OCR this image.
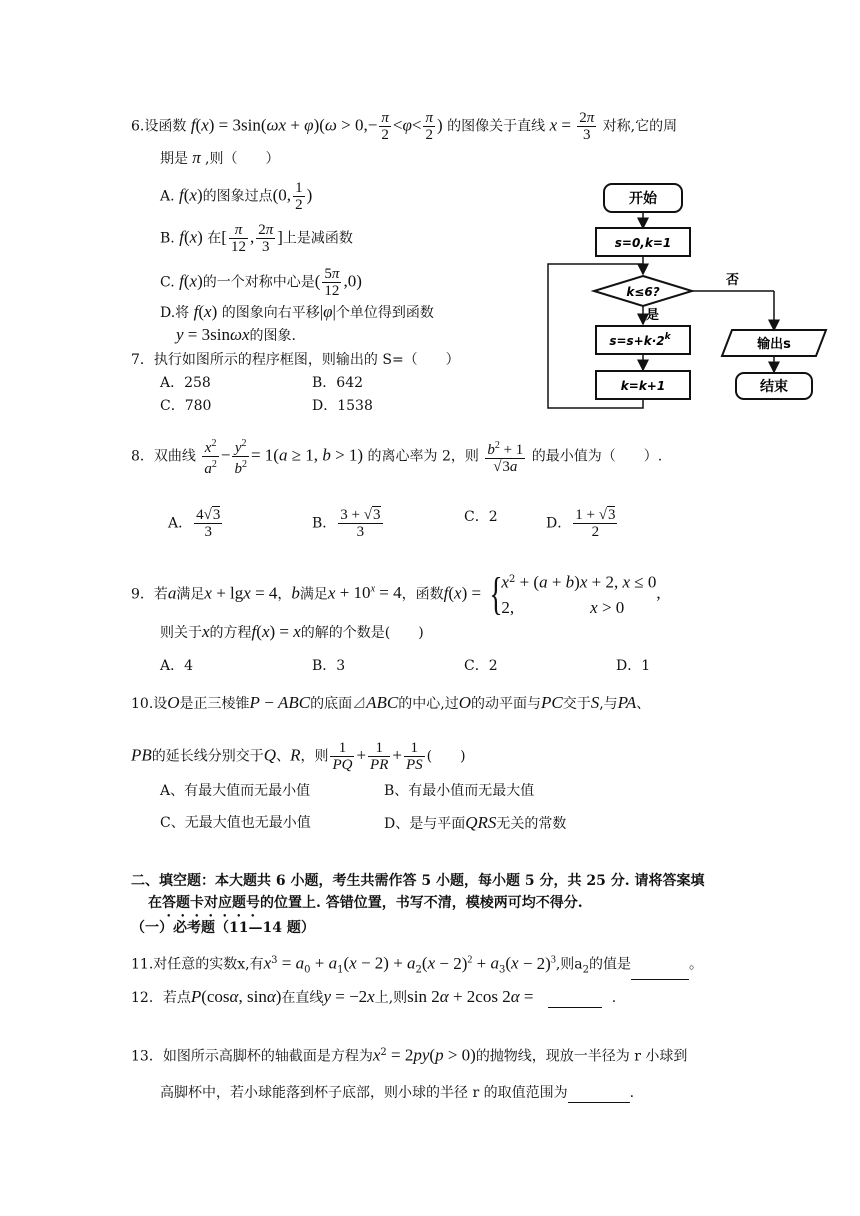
6.设函数 $f(x) = 3\sin(\omega x + \varphi)(\omega > 0,- \frac{\pi}{2} <\varphi< \frac{\pi}{2}$ ) 的图像关于直线 $x = \frac{2\pi}{3}$ 对称,它的周
期是 π ,则（　　）
A. f(x)的图象过点(0, $\frac{1}{2}$ )
B. f(x) 在[ $\frac{\pi}{12}$ , $\frac{2\pi}{3}$ ]上是减函数
C. f(x)的一个对称中心是( $\frac{5\pi}{12} ,0$)
D.将 f(x) 的图象向右平移|φ|个单位得到函数
y = 3sinωx的图象.
7．执行如图所示的程序框图，则输出的 S=（　　）
A．258	B．642
C．780	D．1538
开始
s=0,k=1
k≤6?
否
是
$s=s+k\cdot 2^k$
k=k+1
输出s
结束
8．双曲线 $\frac{x^2}{a^2} - \frac{y^2}{b^2} = 1(a \ge 1$, b > 1) 的离心率为 2，则 $\frac{b^2 + 1}{√3a}$ 的最小值为（　　）.
A． $\frac{4√3}{3}$	B． $\frac{3 + √3}{3}$	C．2	D． $\frac{1 + √3}{2}$
9．若a满足x + lgx = 4，b满足$x + 10^x = 4$，函数f(x) = {
$x^2 + (a + b)x + 2$, x ≤ 0
2,	x > 0
,
则关于x的方程f(x) = x的解的个数是(　　)
A．4	B．3	C．2	D．1
10.设O是正三棱锥P − ABC的底面⊿ABC的中心,过O的动平面与PC交于S,与PA、
PB的延长线分别交于Q、R，则 $\frac{1}{PQ} + \frac{1}{PR} + \frac{1}{PS}$ (　　)
A、有最大值而无最小值	B、有最小值而无最大值
C、无最大值也无最小值	D、是与平面QRS无关的常数
二、填空题：本大题共 6 小题，考生共需作答 5 小题，每小题 5 分，共 25 分. 请将答案填
在答题卡对应题号的位置上. 答错位置，书写不清，模棱两可均不得分.
（一）必考题（11—14 题）
11.对任意的实数x,有$x^3 = a_0 + a_1(x - 2) + a_2(x - 2)^2 + a_3(x - 2)^3$,则$a_2$的值是	。
12．若点P(cosα, sinα)在直线y = −2x上,则sin 2α + 2cos 2α =	.
13．如图所示高脚杯的轴截面是方程为$x^2 = 2py(p > 0)$的抛物线，现放一半径为 r 小球到
高脚杯中，若小球能落到杯子底部，则小球的半径 r 的取值范围为	.
